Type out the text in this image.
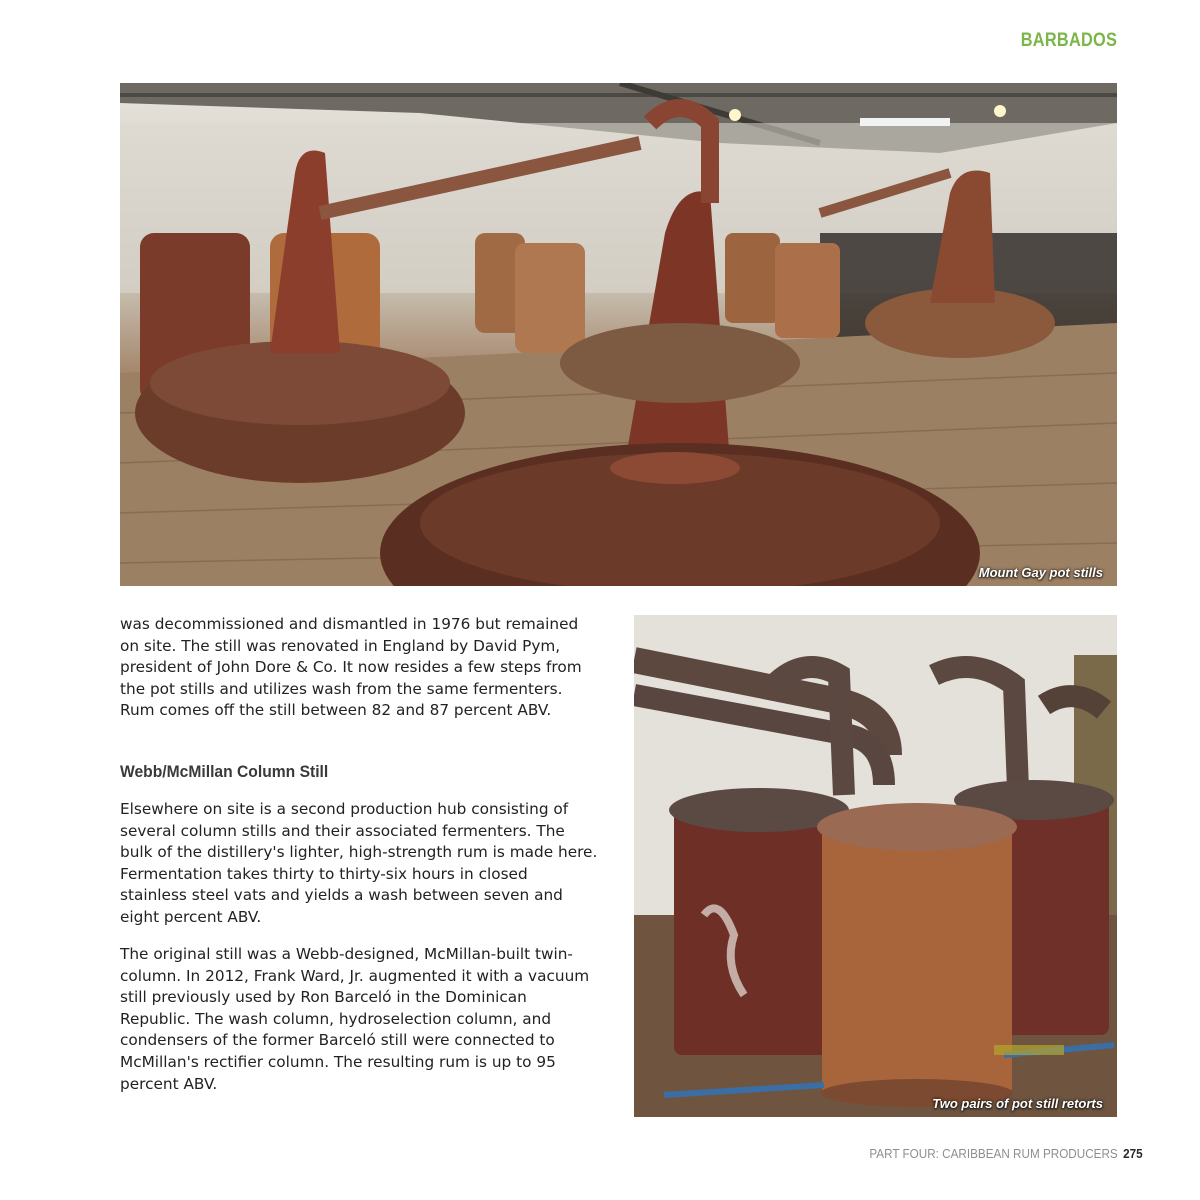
BARBADOS
Mount Gay pot stills

was decommissioned and dismantled in 1976 but remained on site. The still was renovated in England by David Pym, president of John Dore & Co. It now resides a few steps from the pot stills and utilizes wash from the same fermenters. Rum comes off the still between 82 and 87 percent ABV.

Webb/McMillan Column Still

Elsewhere on site is a second production hub consisting of several column stills and their associated fermenters. The bulk of the distillery's lighter, high-strength rum is made here. Fermentation takes thirty to thirty-six hours in closed stainless steel vats and yields a wash between seven and eight percent ABV.

The original still was a Webb-designed, McMillan-built twin-column. In 2012, Frank Ward, Jr. augmented it with a vacuum still previously used by Ron Barceló in the Dominican Republic. The wash column, hydroselection column, and condensers of the former Barceló still were connected to McMillan's rectifier column. The resulting rum is up to 95 percent ABV.

Two pairs of pot still retorts
PART FOUR: CARIBBEAN RUM PRODUCERS 275
